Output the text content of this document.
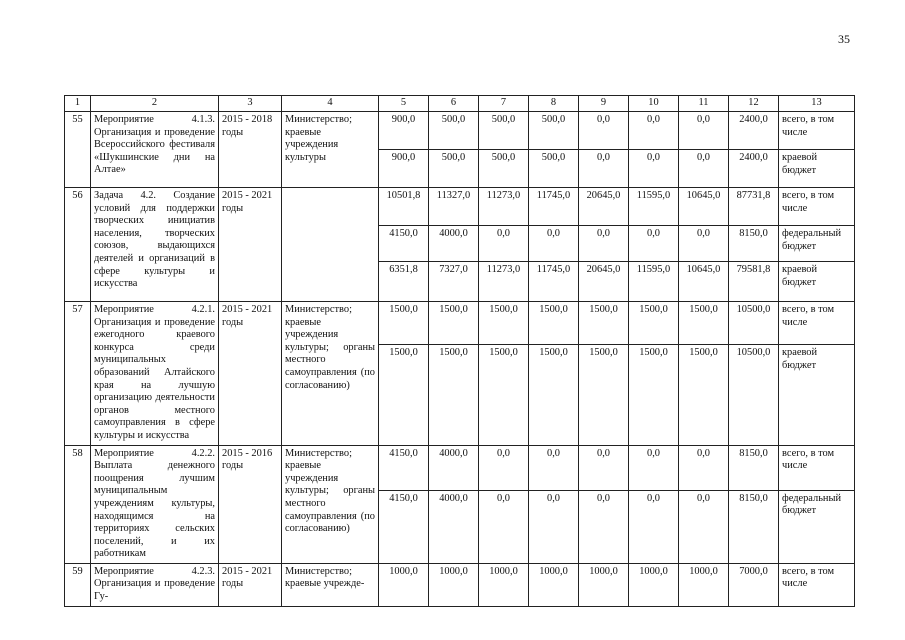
35
1	2	3	4	5	6	7	8	9	10	11	12	13
55	Мероприятие 4.1.3. Организация и проведение Всероссийского фестиваля «Шукшинские дни на Алтае»	2015 - 2018 годы	Министерство; краевые учреждения культуры	900,0	500,0	500,0	500,0	0,0	0,0	0,0	2400,0	всего, в том числе
				900,0	500,0	500,0	500,0	0,0	0,0	0,0	2400,0	краевой бюджет
56	Задача 4.2. Создание условий для поддержки творческих инициатив населения, творческих союзов, выдающихся деятелей и организаций в сфере культуры и искусства	2015 - 2021 годы		10501,8	11327,0	11273,0	11745,0	20645,0	11595,0	10645,0	87731,8	всего, в том числе
				4150,0	4000,0	0,0	0,0	0,0	0,0	0,0	8150,0	федеральный бюджет
				6351,8	7327,0	11273,0	11745,0	20645,0	11595,0	10645,0	79581,8	краевой бюджет
57	Мероприятие 4.2.1. Организация и проведение ежегодного краевого конкурса среди муниципальных образований Алтайского края на лучшую организацию деятельности органов местного самоуправления в сфере культуры и искусства	2015 - 2021 годы	Министерство; краевые учреждения культуры; органы местного самоуправления (по согласованию)	1500,0	1500,0	1500,0	1500,0	1500,0	1500,0	1500,0	10500,0	всего, в том числе
				1500,0	1500,0	1500,0	1500,0	1500,0	1500,0	1500,0	10500,0	краевой бюджет
58	Мероприятие 4.2.2. Выплата денежного поощрения лучшим муниципальным учреждениям культуры, находящимся на территориях сельских поселений, и их работникам	2015 - 2016 годы	Министерство; краевые учреждения культуры; органы местного самоуправления (по согласованию)	4150,0	4000,0	0,0	0,0	0,0	0,0	0,0	8150,0	всего, в том числе
				4150,0	4000,0	0,0	0,0	0,0	0,0	0,0	8150,0	федеральный бюджет
59	Мероприятие 4.2.3. Организация и проведение Гу-	2015 - 2021 годы	Министерство; краевые учрежде-	1000,0	1000,0	1000,0	1000,0	1000,0	1000,0	1000,0	7000,0	всего, в том числе
